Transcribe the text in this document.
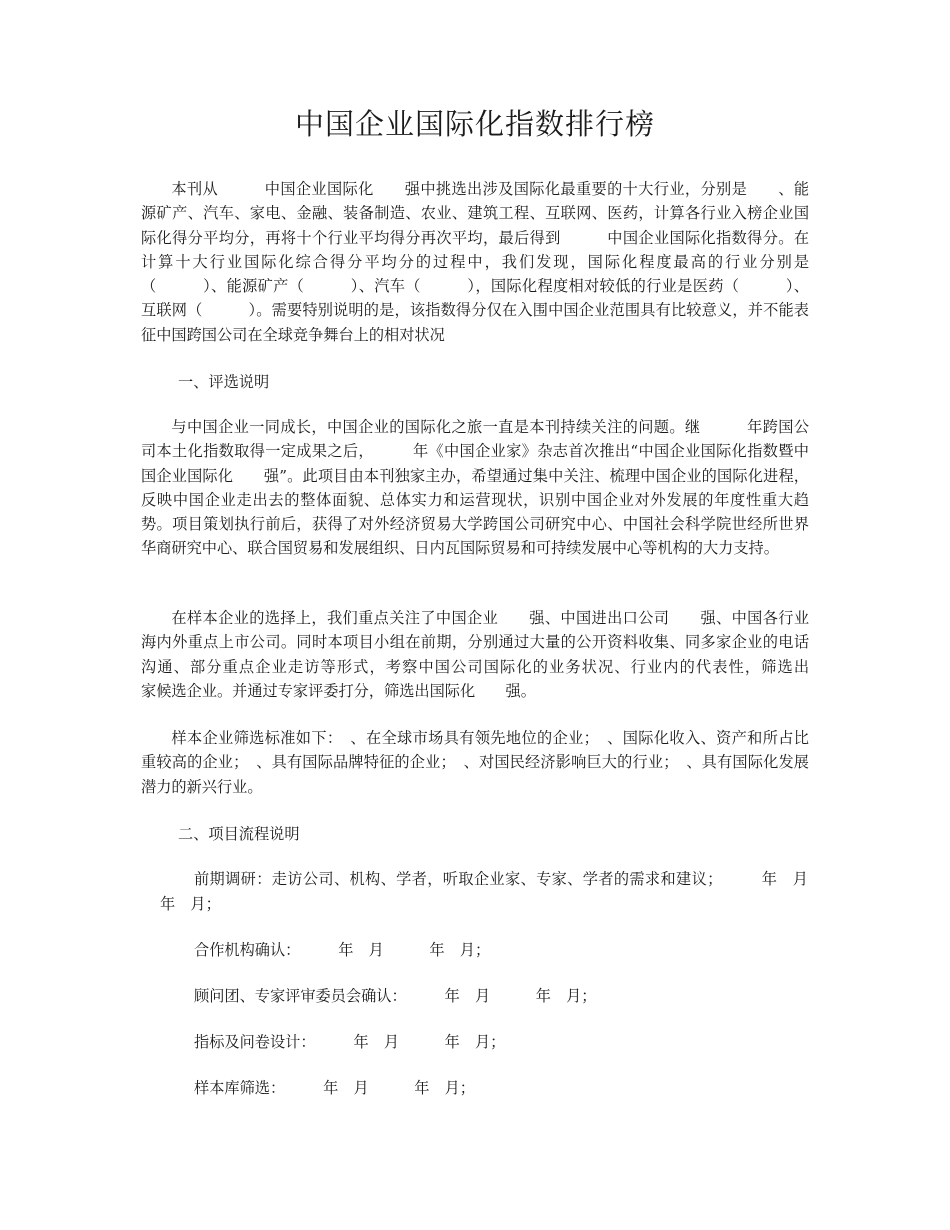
中国企业国际化指数排行榜

本刊从　　　中国企业国际化　　强中挑选出涉及国际化最重要的十大行业，分别是　　、能源矿产、汽车、家电、金融、装备制造、农业、建筑工程、互联网、医药，计算各行业入榜企业国际化得分平均分，再将十个行业平均得分再次平均，最后得到　　　中国企业国际化指数得分。在计算十大行业国际化综合得分平均分的过程中，我们发现，国际化程度最高的行业分别是　（　　　）、能源矿产（　　　）、汽车（　　　），国际化程度相对较低的行业是医药（　　　）、互联网（　　　）。需要特别说明的是，该指数得分仅在入围中国企业范围具有比较意义，并不能表征中国跨国公司在全球竞争舞台上的相对状况

一、评选说明

与中国企业一同成长，中国企业的国际化之旅一直是本刊持续关注的问题。继　　　年跨国公司本土化指数取得一定成果之后，　　　年《中国企业家》杂志首次推出“中国企业国际化指数暨中国企业国际化　　强”。此项目由本刊独家主办，希望通过集中关注、梳理中国企业的国际化进程，反映中国企业走出去的整体面貌、总体实力和运营现状，识别中国企业对外发展的年度性重大趋势。项目策划执行前后，获得了对外经济贸易大学跨国公司研究中心、中国社会科学院世经所世界华商研究中心、联合国贸易和发展组织、日内瓦国际贸易和可持续发展中心等机构的大力支持。

在样本企业的选择上，我们重点关注了中国企业　　强、中国进出口公司　　强、中国各行业海内外重点上市公司。同时本项目小组在前期，分别通过大量的公开资料收集、同多家企业的电话沟通、部分重点企业走访等形式，考察中国公司国际化的业务状况、行业内的代表性，筛选出　　家候选企业。并通过专家评委打分，筛选出国际化　　强。

样本企业筛选标准如下：　、在全球市场具有领先地位的企业；　、国际化收入、资产和所占比重较高的企业；　、具有国际品牌特征的企业；　、对国民经济影响巨大的行业；　、具有国际化发展潜力的新兴行业。

二、项目流程说明

前期调研：走访公司、机构、学者，听取企业家、专家、学者的需求和建议；　　　年　月　　　年　月；

合作机构确认：　　　年　月　　　年　月；

顾问团、专家评审委员会确认：　　　年　月　　　年　月；

指标及问卷设计：　　　年　月　　　年　月；

样本库筛选：　　　年　月　　　年　月；
